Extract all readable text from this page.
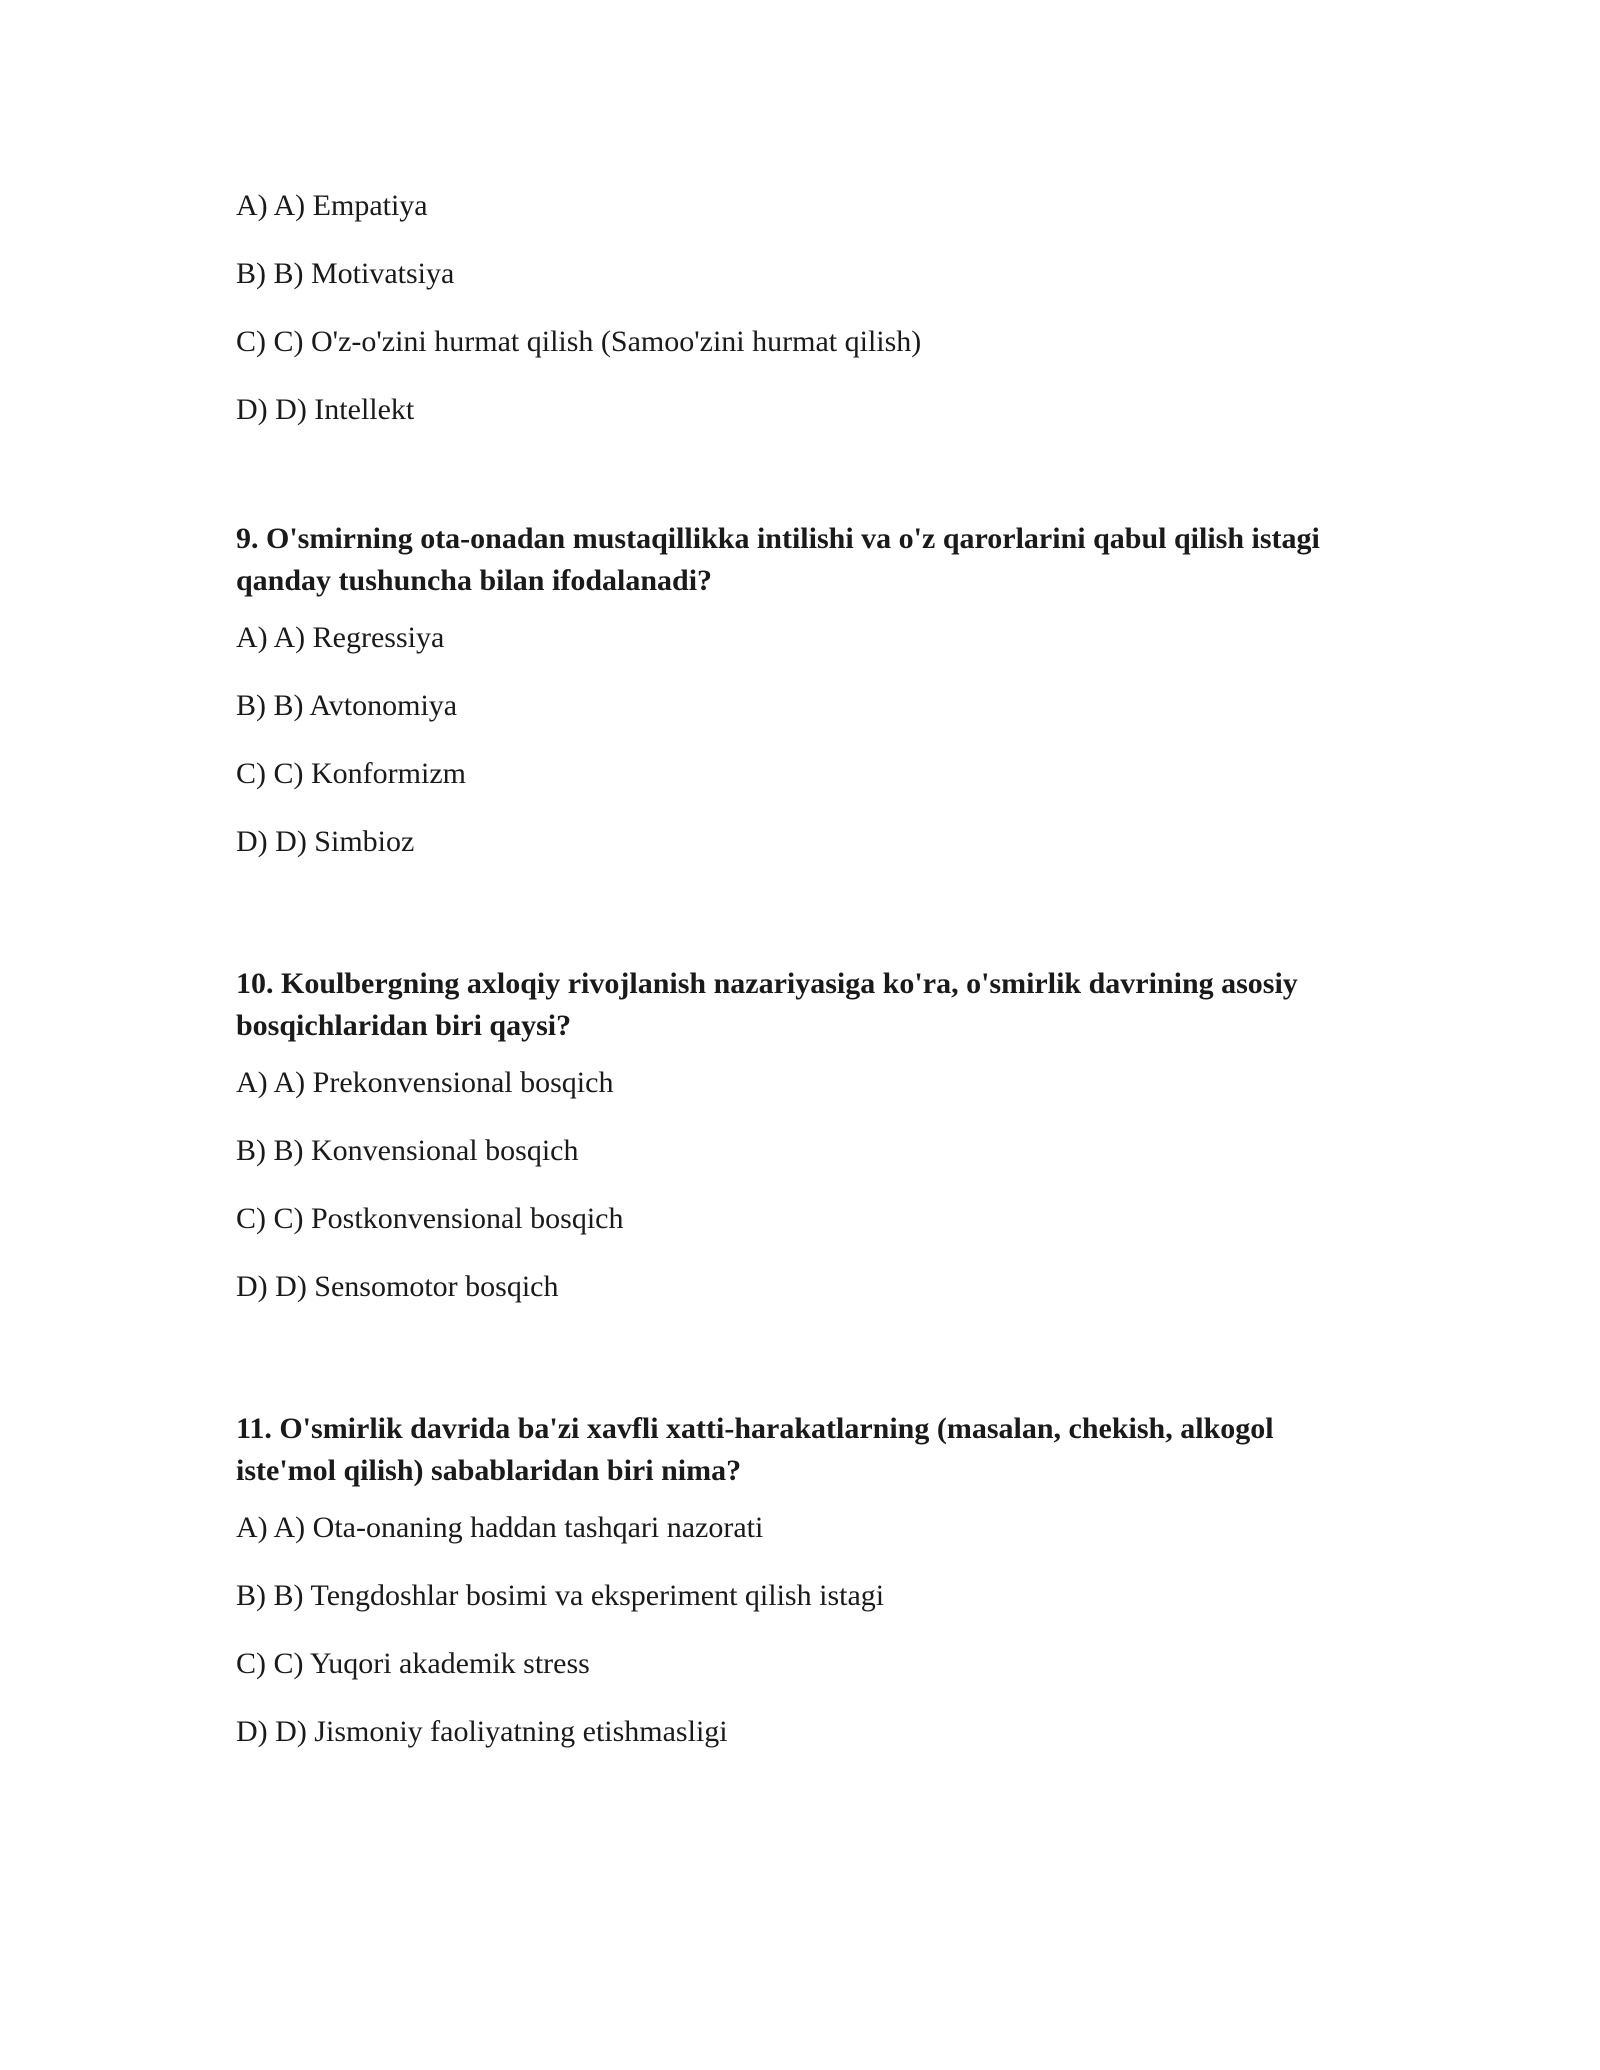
A) A) Empatiya

B) B) Motivatsiya

C) C) O'z-o'zini hurmat qilish (Samoo'zini hurmat qilish)

D) D) Intellekt

9. O'smirning ota-onadan mustaqillikka intilishi va o'z qarorlarini qabul qilish istagi qanday tushuncha bilan ifodalanadi?

A) A) Regressiya

B) B) Avtonomiya

C) C) Konformizm

D) D) Simbioz

10. Koulbergning axloqiy rivojlanish nazariyasiga ko'ra, o'smirlik davrining asosiy bosqichlaridan biri qaysi?

A) A) Prekonvensional bosqich

B) B) Konvensional bosqich

C) C) Postkonvensional bosqich

D) D) Sensomotor bosqich

11. O'smirlik davrida ba'zi xavfli xatti-harakatlarning (masalan, chekish, alkogol iste'mol qilish) sabablaridan biri nima?

A) A) Ota-onaning haddan tashqari nazorati

B) B) Tengdoshlar bosimi va eksperiment qilish istagi

C) C) Yuqori akademik stress

D) D) Jismoniy faoliyatning etishmasligi
